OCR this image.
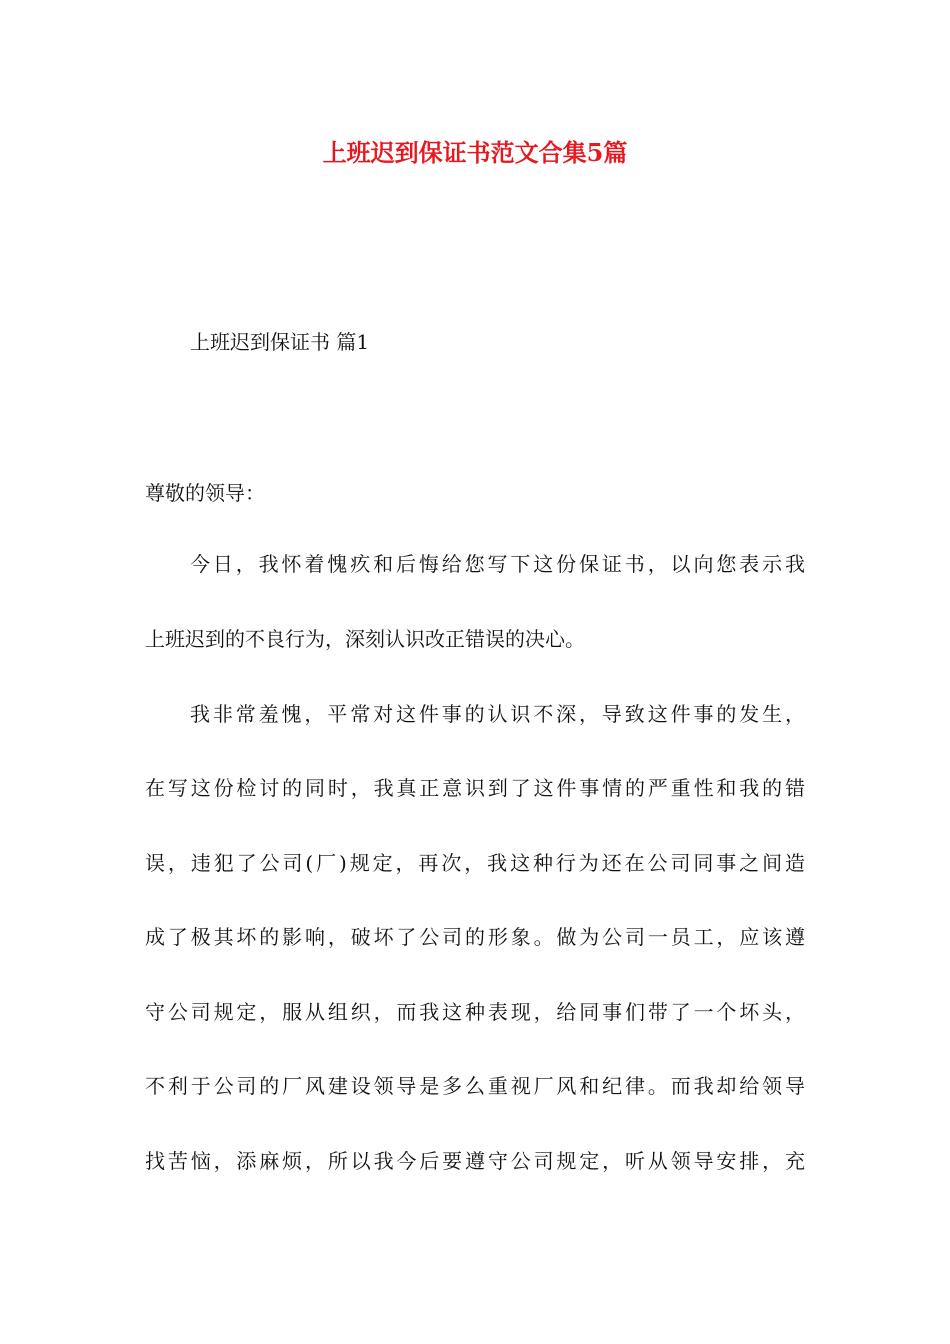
上班迟到保证书范文合集5篇

上班迟到保证书 篇1

尊敬的领导：

今日，我怀着愧疚和后悔给您写下这份保证书，以向您表示我

上班迟到的不良行为，深刻认识改正错误的决心。

我非常羞愧，平常对这件事的认识不深，导致这件事的发生，

在写这份检讨的同时，我真正意识到了这件事情的严重性和我的错

误，违犯了公司(厂)规定，再次，我这种行为还在公司同事之间造

成了极其坏的影响，破坏了公司的形象。做为公司一员工，应该遵

守公司规定，服从组织，而我这种表现，给同事们带了一个坏头，

不利于公司的厂风建设领导是多么重视厂风和纪律。而我却给领导

找苦恼，添麻烦，所以我今后要遵守公司规定，听从领导安排，充
